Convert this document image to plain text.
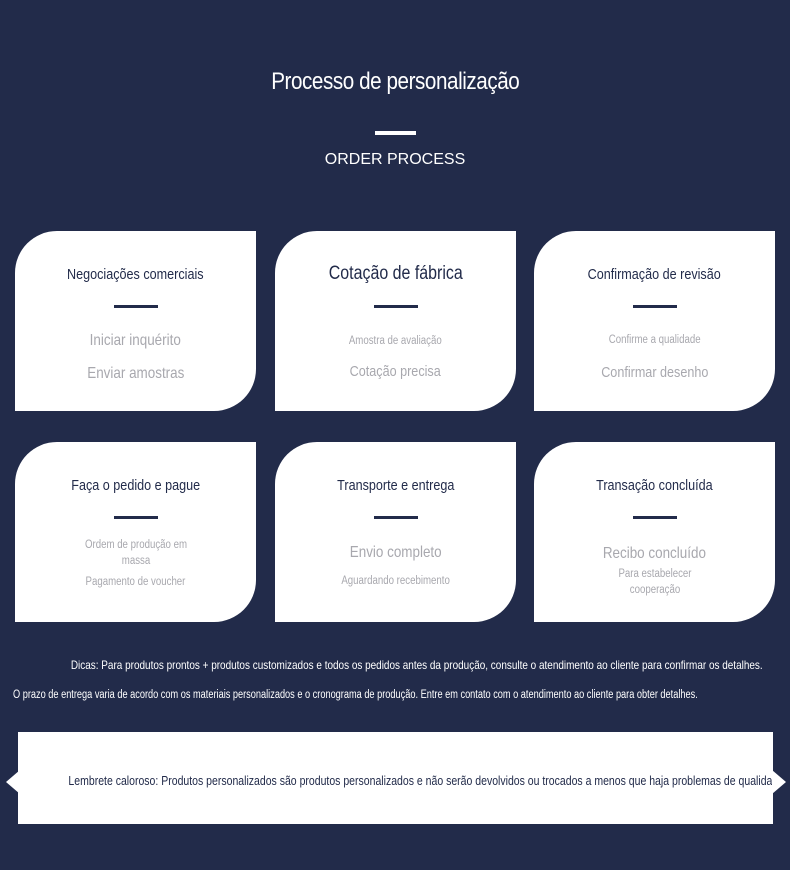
Processo de personalização
ORDER PROCESS
Negociações comerciais
Iniciar inquérito
Enviar amostras
Cotação de fábrica
Amostra de avaliação
Cotação precisa
Confirmação de revisão
Confirme a qualidade
Confirmar desenho
Faça o pedido e pague
Ordem de produção em massa
Pagamento de voucher
Transporte e entrega
Envio completo
Aguardando recebimento
Transação concluída
Recibo concluído
Para estabelecer cooperação
Dicas: Para produtos prontos + produtos customizados e todos os pedidos antes da produção, consulte o atendimento ao cliente para confirmar os detalhes.
O prazo de entrega varia de acordo com os materiais personalizados e o cronograma de produção. Entre em contato com o atendimento ao cliente para obter detalhes.
Lembrete caloroso: Produtos personalizados são produtos personalizados e não serão devolvidos ou trocados a menos que haja problemas de qualidade!
